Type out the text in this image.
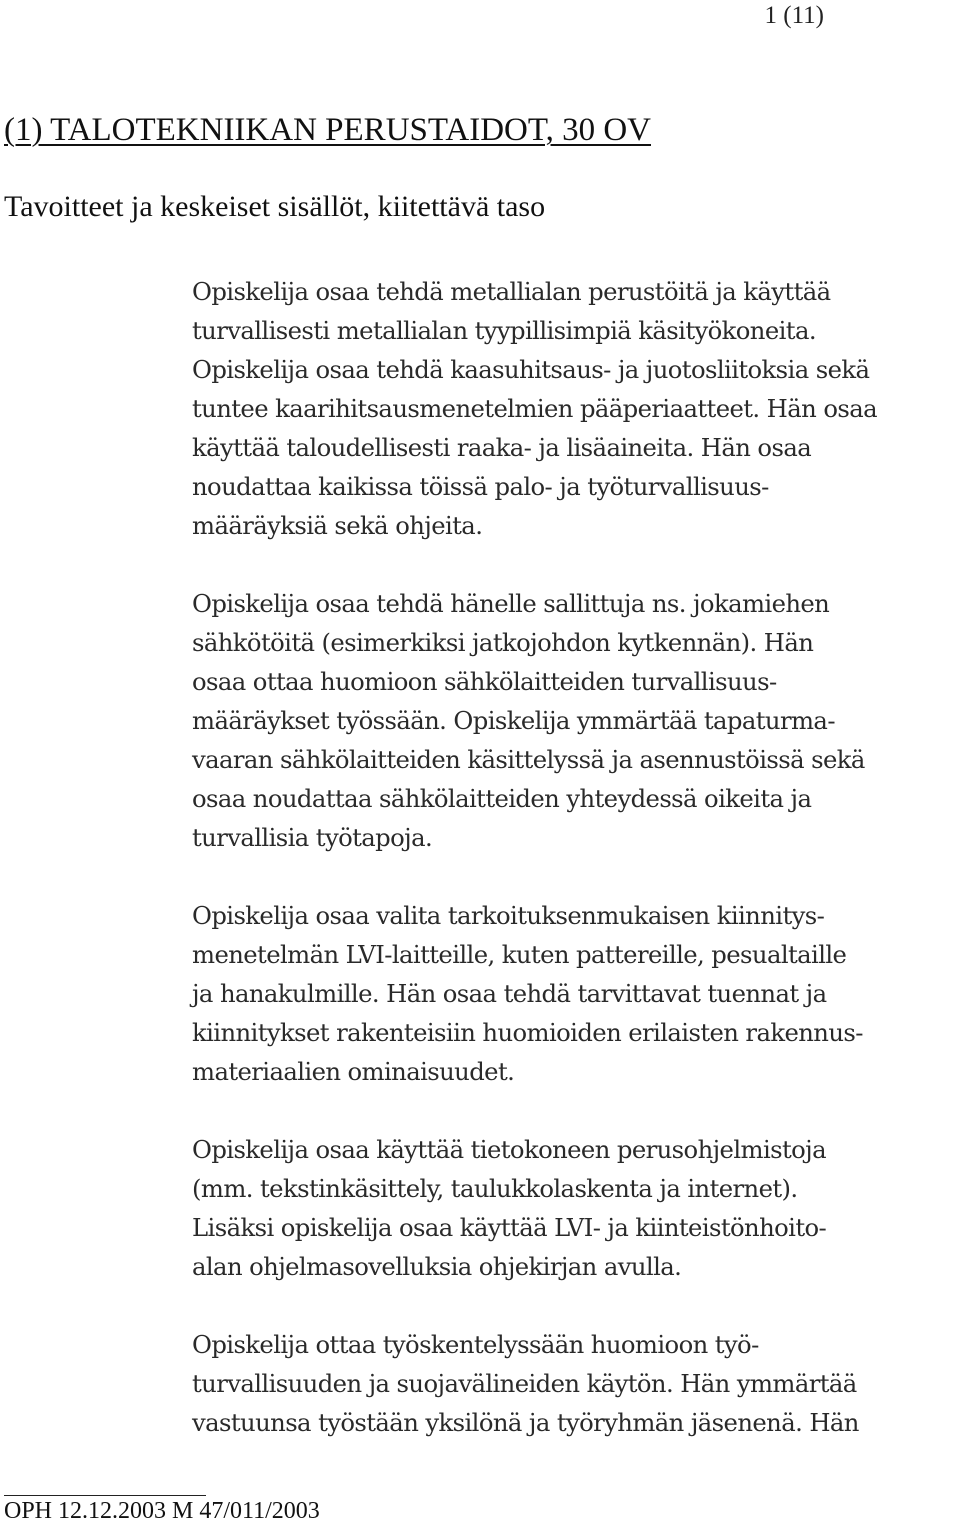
1 (11)
(1) TALOTEKNIIKAN PERUSTAIDOT, 30 OV
Tavoitteet ja keskeiset sisällöt, kiitettävä taso

Opiskelija osaa tehdä metallialan perustöitä ja käyttää
turvallisesti metallialan tyypillisimpiä käsityökoneita.
Opiskelija osaa tehdä kaasuhitsaus- ja juotosliitoksia sekä
tuntee kaarihitsausmenetelmien pääperiaatteet. Hän osaa
käyttää taloudellisesti raaka- ja lisäaineita. Hän osaa
noudattaa kaikissa töissä palo- ja työturvallisuus-
määräyksiä sekä ohjeita.

Opiskelija osaa tehdä hänelle sallittuja ns. jokamiehen
sähkötöitä (esimerkiksi jatkojohdon kytkennän). Hän
osaa ottaa huomioon sähkölaitteiden turvallisuus-
määräykset työssään. Opiskelija ymmärtää tapaturma-
vaaran sähkölaitteiden käsittelyssä ja asennustöissä sekä
osaa noudattaa sähkölaitteiden yhteydessä oikeita ja
turvallisia työtapoja.

Opiskelija osaa valita tarkoituksenmukaisen kiinnitys-
menetelmän LVI-laitteille, kuten pattereille, pesualtaille
ja hanakulmille. Hän osaa tehdä tarvittavat tuennat ja
kiinnitykset rakenteisiin huomioiden erilaisten rakennus-
materiaalien ominaisuudet.

Opiskelija osaa käyttää tietokoneen perusohjelmistoja
(mm. tekstinkäsittely, taulukkolaskenta ja internet).
Lisäksi opiskelija osaa käyttää LVI- ja kiinteistönhoito-
alan ohjelmasovelluksia ohjekirjan avulla.

Opiskelija ottaa työskentelyssään huomioon työ-
turvallisuuden ja suojavälineiden käytön. Hän ymmärtää
vastuunsa työstään yksilönä ja työryhmän jäsenenä. Hän

OPH 12.12.2003 M 47/011/2003
